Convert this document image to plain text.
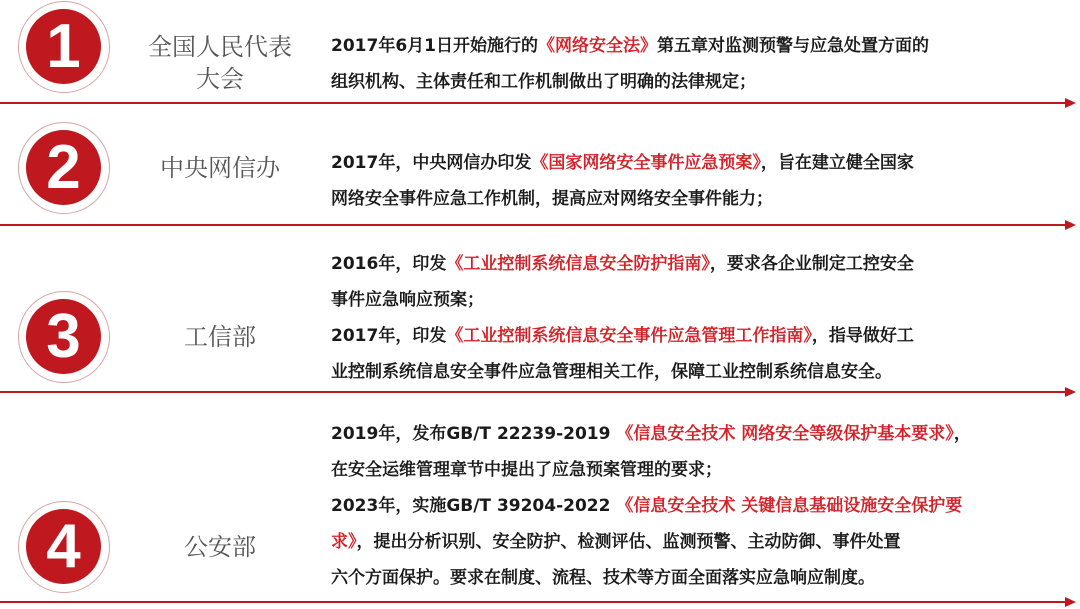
1	全国人民代表大会
2017年6月1日开始施行的《网络安全法》第五章对监测预警与应急处置方面的
组织机构、主体责任和工作机制做出了明确的法律规定；
2	中央网信办	2017年，中央网信办印发《国家网络安全事件应急预案》，旨在建立健全国家
网络安全事件应急工作机制，提高应对网络安全事件能力；
3	工信部
2016年，印发《工业控制系统信息安全防护指南》，要求各企业制定工控安全
事件应急响应预案；
2017年，印发《工业控制系统信息安全事件应急管理工作指南》，指导做好工
业控制系统信息安全事件应急管理相关工作，保障工业控制系统信息安全。
4	公安部
2019年，发布GB/T 22239-2019 《信息安全技术 网络安全等级保护基本要求》，
在安全运维管理章节中提出了应急预案管理的要求；
2023年，实施GB/T 39204-2022 《信息安全技术 关键信息基础设施安全保护要
求》，提出分析识别、安全防护、检测评估、监测预警、主动防御、事件处置
六个方面保护。要求在制度、流程、技术等方面全面落实应急响应制度。
